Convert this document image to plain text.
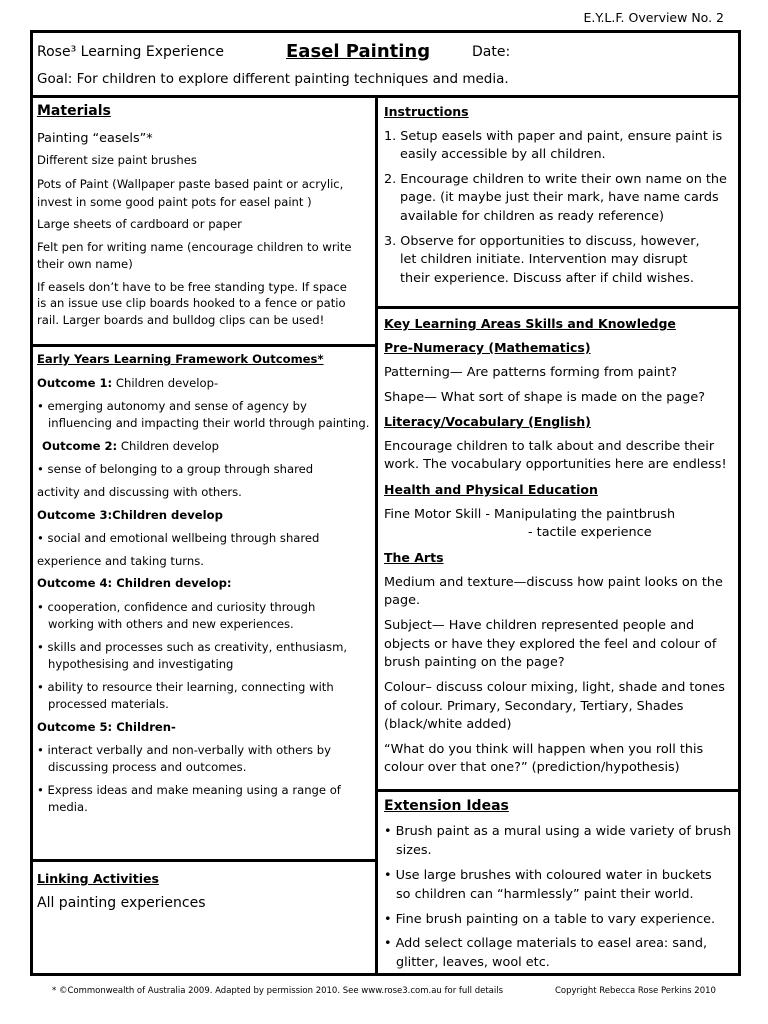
E.Y.L.F. Overview No. 2
Rose³ Learning Experience	Easel Painting	Date:
Goal: For children to explore different painting techniques and media.
Materials
Painting “easels”*
Different size paint brushes
Pots of Paint (Wallpaper paste based paint or acrylic,
invest in some good paint pots for easel paint )
Large sheets of cardboard or paper
Felt pen for writing name (encourage children to write
their own name)
If easels don’t have to be free standing type. If space
is an issue use clip boards hooked to a fence or patio
rail. Larger boards and bulldog clips can be used!
Early Years Learning Framework Outcomes*
Outcome 1: Children develop-
• emerging autonomy and sense of agency by
influencing and impacting their world through painting.
Outcome 2: Children develop
• sense of belonging to a group through shared
activity and discussing with others.
Outcome 3:Children develop
• social and emotional wellbeing through shared
experience and taking turns.
Outcome 4: Children develop:
• cooperation, confidence and curiosity through
working with others and new experiences.
• skills and processes such as creativity, enthusiasm,
hypothesising and investigating
• ability to resource their learning, connecting with
processed materials.
Outcome 5: Children-
• interact verbally and non-verbally with others by
discussing process and outcomes.
• Express ideas and make meaning using a range of
media.
Linking Activities
All painting experiences
Instructions
1. Setup easels with paper and paint, ensure paint is
easily accessible by all children.
2. Encourage children to write their own name on the
page. (it maybe just their mark, have name cards
available for children as ready reference)
3. Observe for opportunities to discuss, however,
let children initiate. Intervention may disrupt
their experience. Discuss after if child wishes.
Key Learning Areas Skills and Knowledge
Pre-Numeracy (Mathematics)
Patterning— Are patterns forming from paint?
Shape— What sort of shape is made on the page?
Literacy/Vocabulary (English)
Encourage children to talk about and describe their
work. The vocabulary opportunities here are endless!
Health and Physical Education
Fine Motor Skill - Manipulating the paintbrush
- tactile experience
The Arts
Medium and texture—discuss how paint looks on the
page.
Subject— Have children represented people and
objects or have they explored the feel and colour of
brush painting on the page?
Colour– discuss colour mixing, light, shade and tones
of colour. Primary, Secondary, Tertiary, Shades
(black/white added)
“What do you think will happen when you roll this
colour over that one?” (prediction/hypothesis)
Extension Ideas
• Brush paint as a mural using a wide variety of brush
sizes.
• Use large brushes with coloured water in buckets
so children can “harmlessly” paint their world.
• Fine brush painting on a table to vary experience.
• Add select collage materials to easel area: sand,
glitter, leaves, wool etc.
* ©Commonwealth of Australia 2009. Adapted by permission 2010. See www.rose3.com.au for full details	Copyright Rebecca Rose Perkins 2010
